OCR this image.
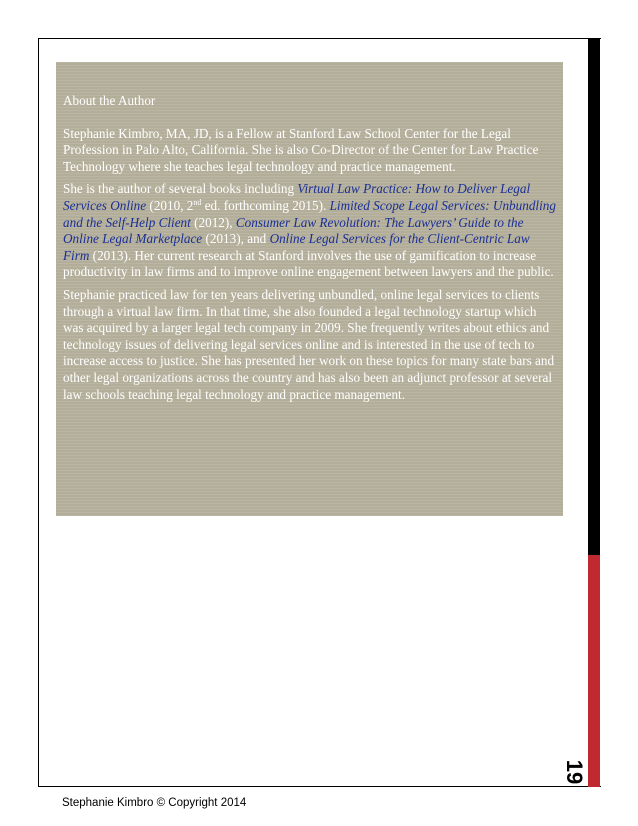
About the Author

Stephanie Kimbro, MA, JD, is a Fellow at Stanford Law School Center for the Legal Profession in Palo Alto, California. She is also Co-Director of the Center for Law Practice Technology where she teaches legal technology and practice management.

She is the author of several books including Virtual Law Practice: How to Deliver Legal Services Online (2010, 2nd ed. forthcoming 2015). Limited Scope Legal Services: Unbundling and the Self-Help Client (2012), Consumer Law Revolution: The Lawyers’ Guide to the Online Legal Marketplace (2013), and Online Legal Services for the Client-Centric Law Firm (2013). Her current research at Stanford involves the use of gamification to increase productivity in law firms and to improve online engagement between lawyers and the public.

Stephanie practiced law for ten years delivering unbundled, online legal services to clients through a virtual law firm. In that time, she also founded a legal technology startup which was acquired by a larger legal tech company in 2009. She frequently writes about ethics and technology issues of delivering legal services online and is interested in the use of tech to increase access to justice. She has presented her work on these topics for many state bars and other legal organizations across the country and has also been an adjunct professor at several law schools teaching legal technology and practice management.

19
Stephanie Kimbro © Copyright 2014
